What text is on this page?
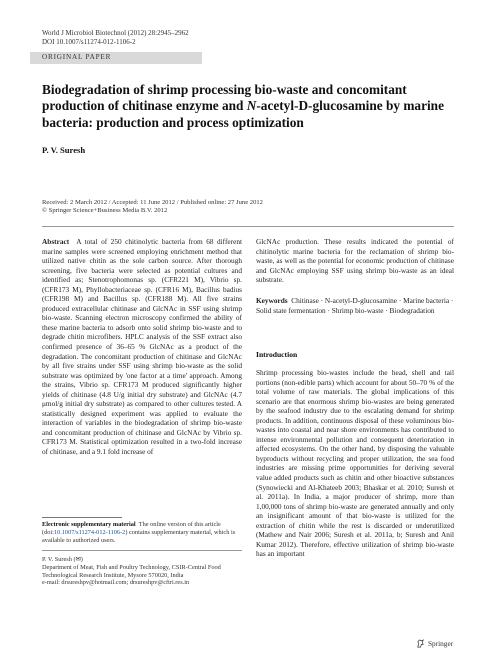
World J Microbiol Biotechnol (2012) 28:2945–2962
DOI 10.1007/s11274-012-1106-2
ORIGINAL PAPER
Biodegradation of shrimp processing bio-waste and concomitant production of chitinase enzyme and N-acetyl-D-glucosamine by marine bacteria: production and process optimization
P. V. Suresh
Received: 2 March 2012 / Accepted: 11 June 2012 / Published online: 27 June 2012
© Springer Science+Business Media B.V. 2012

Abstract A total of 250 chitinolytic bacteria from 68 different marine samples were screened employing enrichment method that utilized native chitin as the sole carbon source. After thorough screening, five bacteria were selected as potential cultures and identified as; Stenotrophomonas sp. (CFR221 M), Vibrio sp. (CFR173 M), Phyllobacteriaceae sp. (CFR16 M), Bacillus badius (CFR198 M) and Bacillus sp. (CFR188 M). All five strains produced extracellular chitinase and GlcNAc in SSF using shrimp bio-waste. Scanning electron microscopy confirmed the ability of these marine bacteria to adsorb onto solid shrimp bio-waste and to degrade chitin microfibers. HPLC analysis of the SSF extract also confirmed presence of 36–65 % GlcNAc as a product of the degradation. The concomitant production of chitinase and GlcNAc by all five strains under SSF using shrimp bio-waste as the solid substrate was optimized by 'one factor at a time' approach. Among the strains, Vibrio sp. CFR173 M produced significantly higher yields of chitinase (4.8 U/g initial dry substrate) and GlcNAc (4.7 μmol/g initial dry substrate) as compared to other cultures tested. A statistically designed experiment was applied to evaluate the interaction of variables in the biodegradation of shrimp bio-waste and concomitant production of chitinase and GlcNAc by Vibrio sp. CFR173 M. Statistical optimization resulted in a two-fold increase of chitinase, and a 9.1 fold increase of

GlcNAc production. These results indicated the potential of chitinolytic marine bacteria for the reclamation of shrimp bio-waste, as well as the potential for economic production of chitinase and GlcNAc employing SSF using shrimp bio-waste as an ideal substrate.
Keywords Chitinase · N-acetyl-D-glucosamine · Marine bacteria · Solid state fermentation · Shrimp bio-waste · Biodegradation
Introduction
Shrimp processing bio-wastes include the head, shell and tail portions (non-edible parts) which account for about 50–70 % of the total volume of raw materials. The global implications of this scenario are that enormous shrimp bio-wastes are being generated by the seafood industry due to the escalating demand for shrimp products. In addition, continuous disposal of these voluminous bio-wastes into coastal and near shore environments has contributed to intense environmental pollution and consequent deterioration in affected ecosystems. On the other hand, by disposing the valuable byproducts without recycling and proper utilization, the sea food industries are missing prime opportunities for deriving several value added products such as chitin and other bioactive substances (Synowiecki and Al-Khateeb 2003; Bhaskar et al. 2010; Suresh et al. 2011a). In India, a major producer of shrimp, more than 1,00,000 tons of shrimp bio-waste are generated annually and only an insignificant amount of that bio-waste is utilized for the extraction of chitin while the rest is discarded or underutilized (Mathew and Nair 2006; Suresh et al. 2011a, b; Suresh and Anil Kumar 2012). Therefore, effective utilization of shrimp bio-waste has an important
Electronic supplementary material The online version of this article (doi:10.1007/s11274-012-1106-2) contains supplementary material, which is available to authorized users.
P. V. Suresh (✉)
Department of Meat, Fish and Poultry Technology, CSIR-Central Food Technological Research Institute, Mysore 570020, India
e-mail: drsureshpv@hotmail.com; drsureshpv@cftri.res.in
Springer
